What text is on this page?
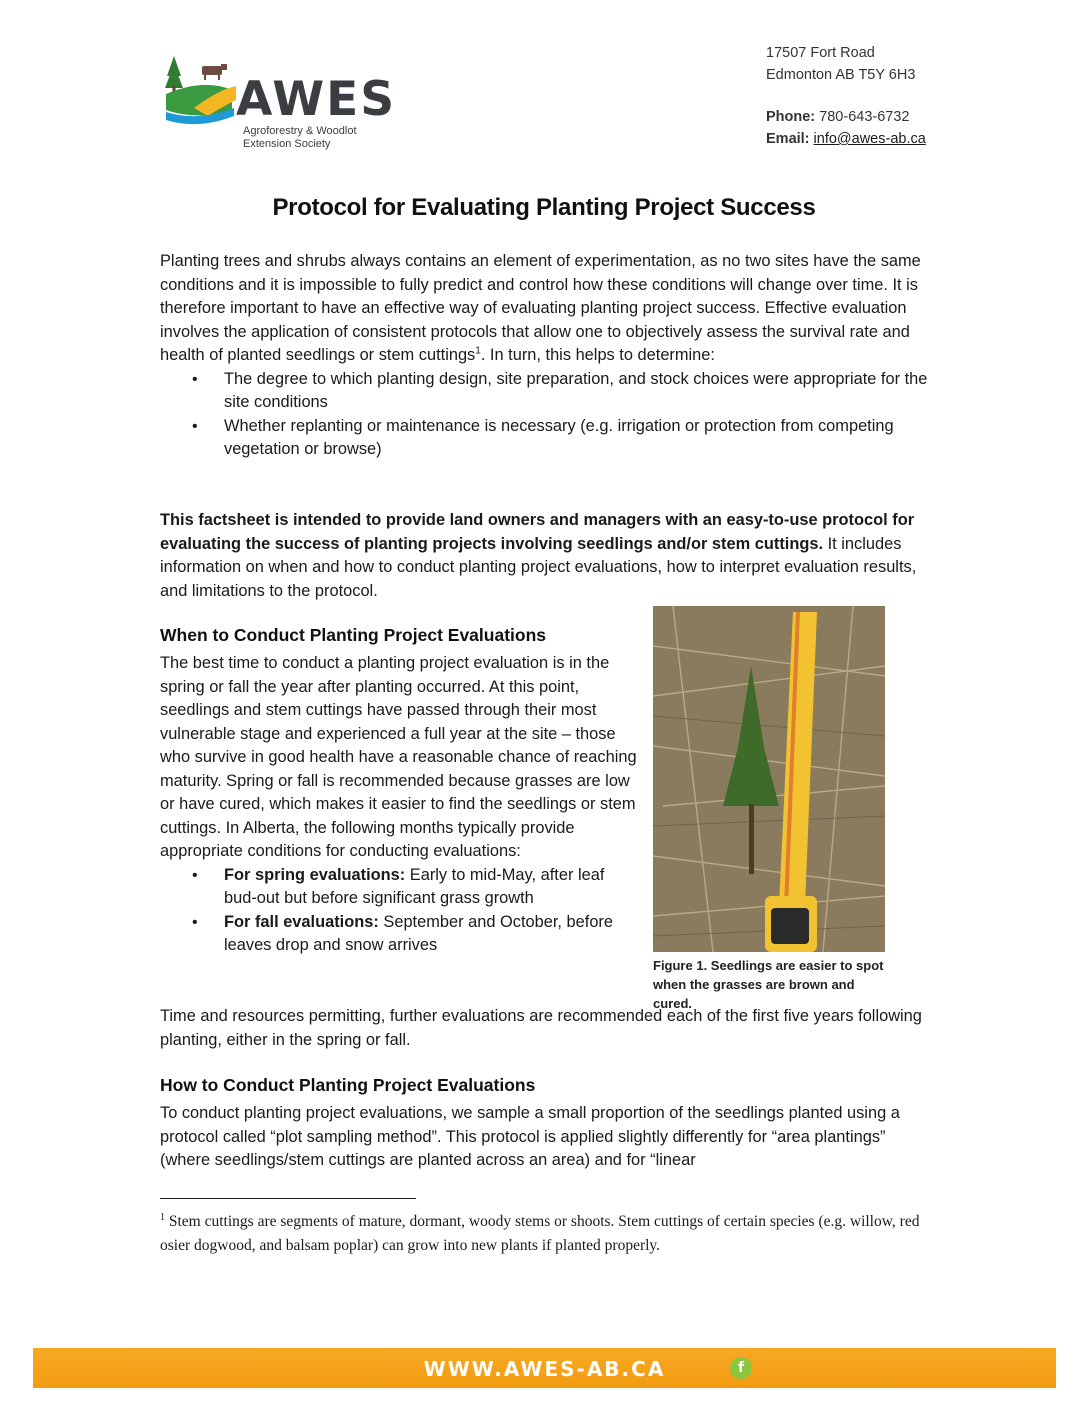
AWES
Agroforestry & Woodlot
Extension Society
17507 Fort Road
Edmonton AB T5Y 6H3
Phone: 780-643-6732
Email: info@awes-ab.ca
Protocol for Evaluating Planting Project Success
Planting trees and shrubs always contains an element of experimentation, as no two sites have the same conditions and it is impossible to fully predict and control how these conditions will change over time. It is therefore important to have an effective way of evaluating planting project success. Effective evaluation involves the application of consistent protocols that allow one to objectively assess the survival rate and health of planted seedlings or stem cuttings$^1$. In turn, this helps to determine:
• The degree to which planting design, site preparation, and stock choices were appropriate for the site conditions
• Whether replanting or maintenance is necessary (e.g. irrigation or protection from competing vegetation or browse)
This factsheet is intended to provide land owners and managers with an easy-to-use protocol for evaluating the success of planting projects involving seedlings and/or stem cuttings. It includes information on when and how to conduct planting project evaluations, how to interpret evaluation results, and limitations to the protocol.
When to Conduct Planting Project Evaluations
The best time to conduct a planting project evaluation is in the spring or fall the year after planting occurred. At this point, seedlings and stem cuttings have passed through their most vulnerable stage and experienced a full year at the site – those who survive in good health have a reasonable chance of reaching maturity. Spring or fall is recommended because grasses are low or have cured, which makes it easier to find the seedlings or stem cuttings. In Alberta, the following months typically provide appropriate conditions for conducting evaluations:
• For spring evaluations: Early to mid-May, after leaf bud-out but before significant grass growth
• For fall evaluations: September and October, before leaves drop and snow arrives
Figure 1. Seedlings are easier to spot when the grasses are brown and cured.
Time and resources permitting, further evaluations are recommended each of the first five years following planting, either in the spring or fall.
How to Conduct Planting Project Evaluations
To conduct planting project evaluations, we sample a small proportion of the seedlings planted using a protocol called “plot sampling method”. This protocol is applied slightly differently for “area plantings” (where seedlings/stem cuttings are planted across an area) and for “linear
$^1$ Stem cuttings are segments of mature, dormant, woody stems or shoots. Stem cuttings of certain species (e.g. willow, red osier dogwood, and balsam poplar) can grow into new plants if planted properly.
WWW.AWES-AB.CA	f
